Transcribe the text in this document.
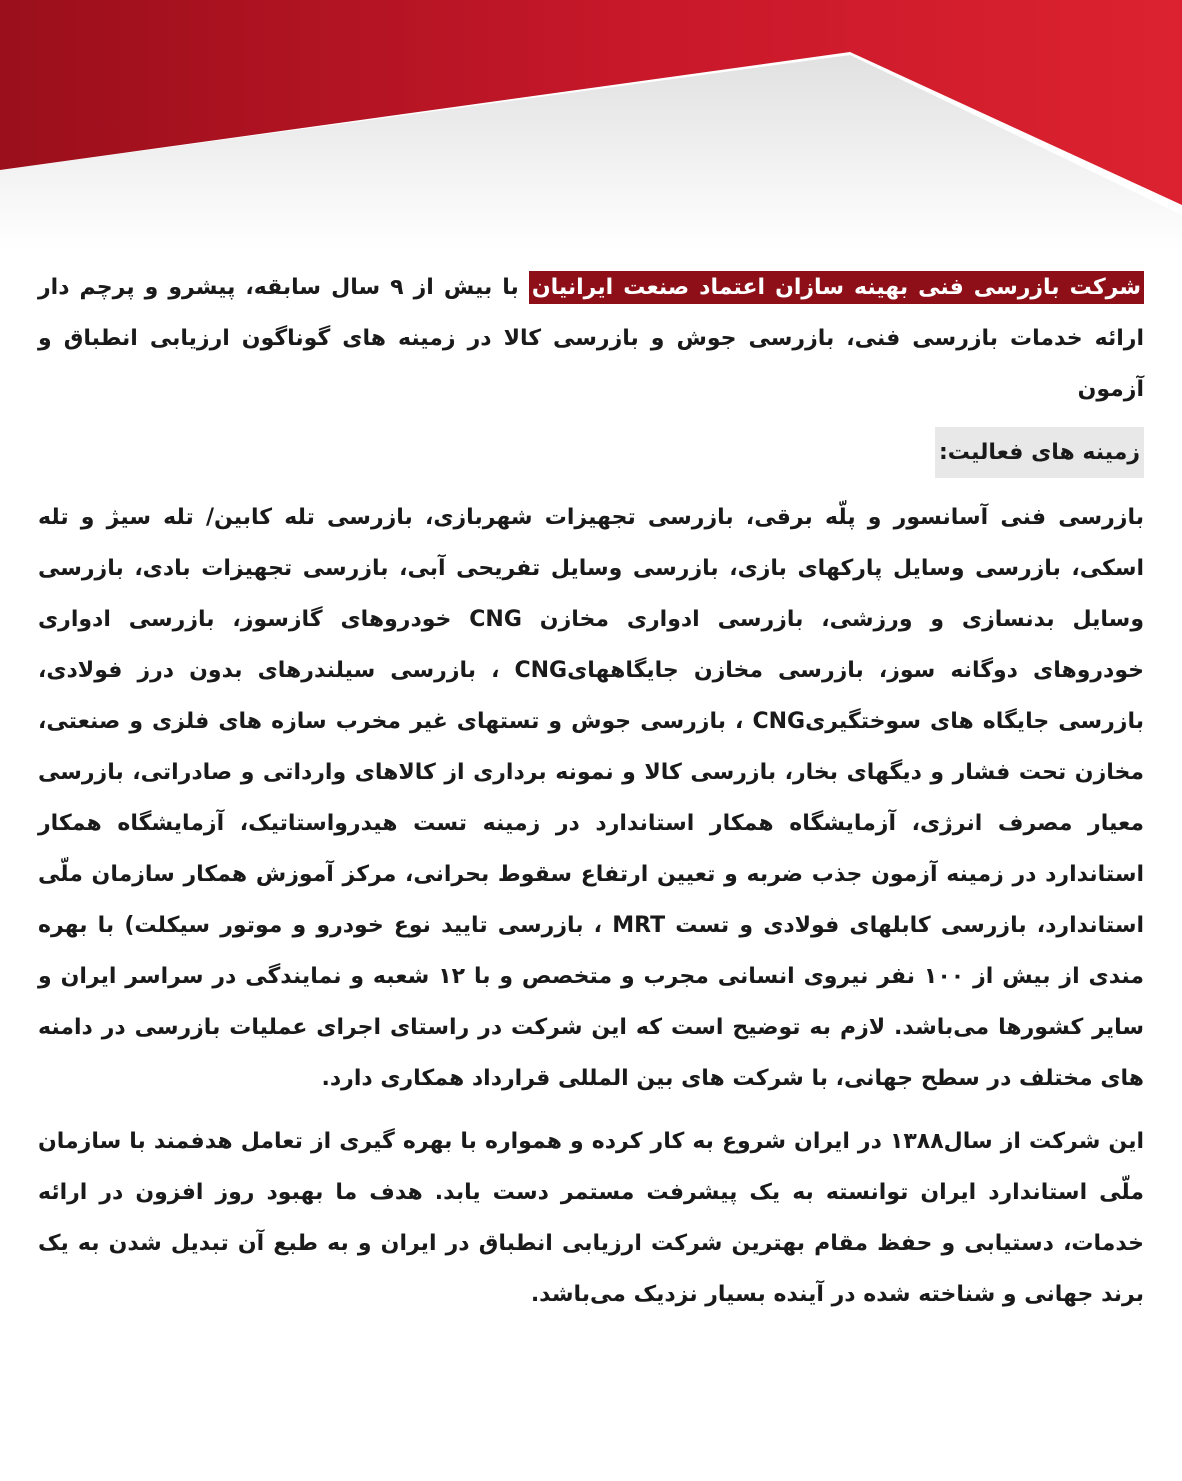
شرکت بازرسی فنی بهینه سازان اعتماد صنعت ایرانیان با بیش از ۹ سال سابقه، پیشرو و پرچم دار ارائه خدمات بازرسی فنی، بازرسی جوش و بازرسی کالا در زمینه های گوناگون ارزیابی انطباق و آزمون

زمینه های فعالیت:

بازرسی فنی آسانسور و پلّه برقی، بازرسی تجهیزات شهربازی، بازرسی تله کابین/ تله سیژ و تله اسکی، بازرسی وسایل پارکهای بازی، بازرسی وسایل تفریحی آبی، بازرسی تجهیزات بادی، بازرسی وسایل بدنسازی و ورزشی، بازرسی ادواری مخازن CNG خودروهای گازسوز، بازرسی ادواری خودروهای دوگانه سوز، بازرسی مخازن جایگاههایCNG ، بازرسی سیلندرهای بدون درز فولادی، بازرسی جایگاه های سوختگیریCNG ، بازرسی جوش و تستهای غیر مخرب سازه های فلزی و صنعتی، مخازن تحت فشار و دیگهای بخار، بازرسی کالا و نمونه برداری از کالاهای وارداتی و صادراتی، بازرسی معیار مصرف انرژی، آزمایشگاه همکار استاندارد در زمینه تست هیدرواستاتیک، آزمایشگاه همکار استاندارد در زمینه آزمون جذب ضربه و تعیین ارتفاع سقوط بحرانی، مرکز آموزش همکار سازمان ملّی استاندارد، بازرسی کابلهای فولادی و تست MRT ، بازرسی تایید نوع خودرو و موتور سیکلت) با بهره مندی از بیش از ۱۰۰ نفر نیروی انسانی مجرب و متخصص و با ۱۲ شعبه و نمایندگی در سراسر ایران و سایر کشورها می‌باشد. لازم به توضیح است که این شرکت در راستای اجرای عملیات بازرسی در دامنه های مختلف در سطح جهانی، با شرکت های بین المللی قرارداد همکاری دارد.

این شرکت از سال۱۳۸۸ در ایران شروع به کار کرده و همواره با بهره گیری از تعامل هدفمند با سازمان ملّی استاندارد ایران توانسته به یک پیشرفت مستمر دست یابد. هدف ما بهبود روز افزون در ارائه خدمات، دستیابی و حفظ مقام بهترین شرکت ارزیابی انطباق در ایران و به طبع آن تبدیل شدن به یک برند جهانی و شناخته شده در آینده بسیار نزدیک می‌باشد.
